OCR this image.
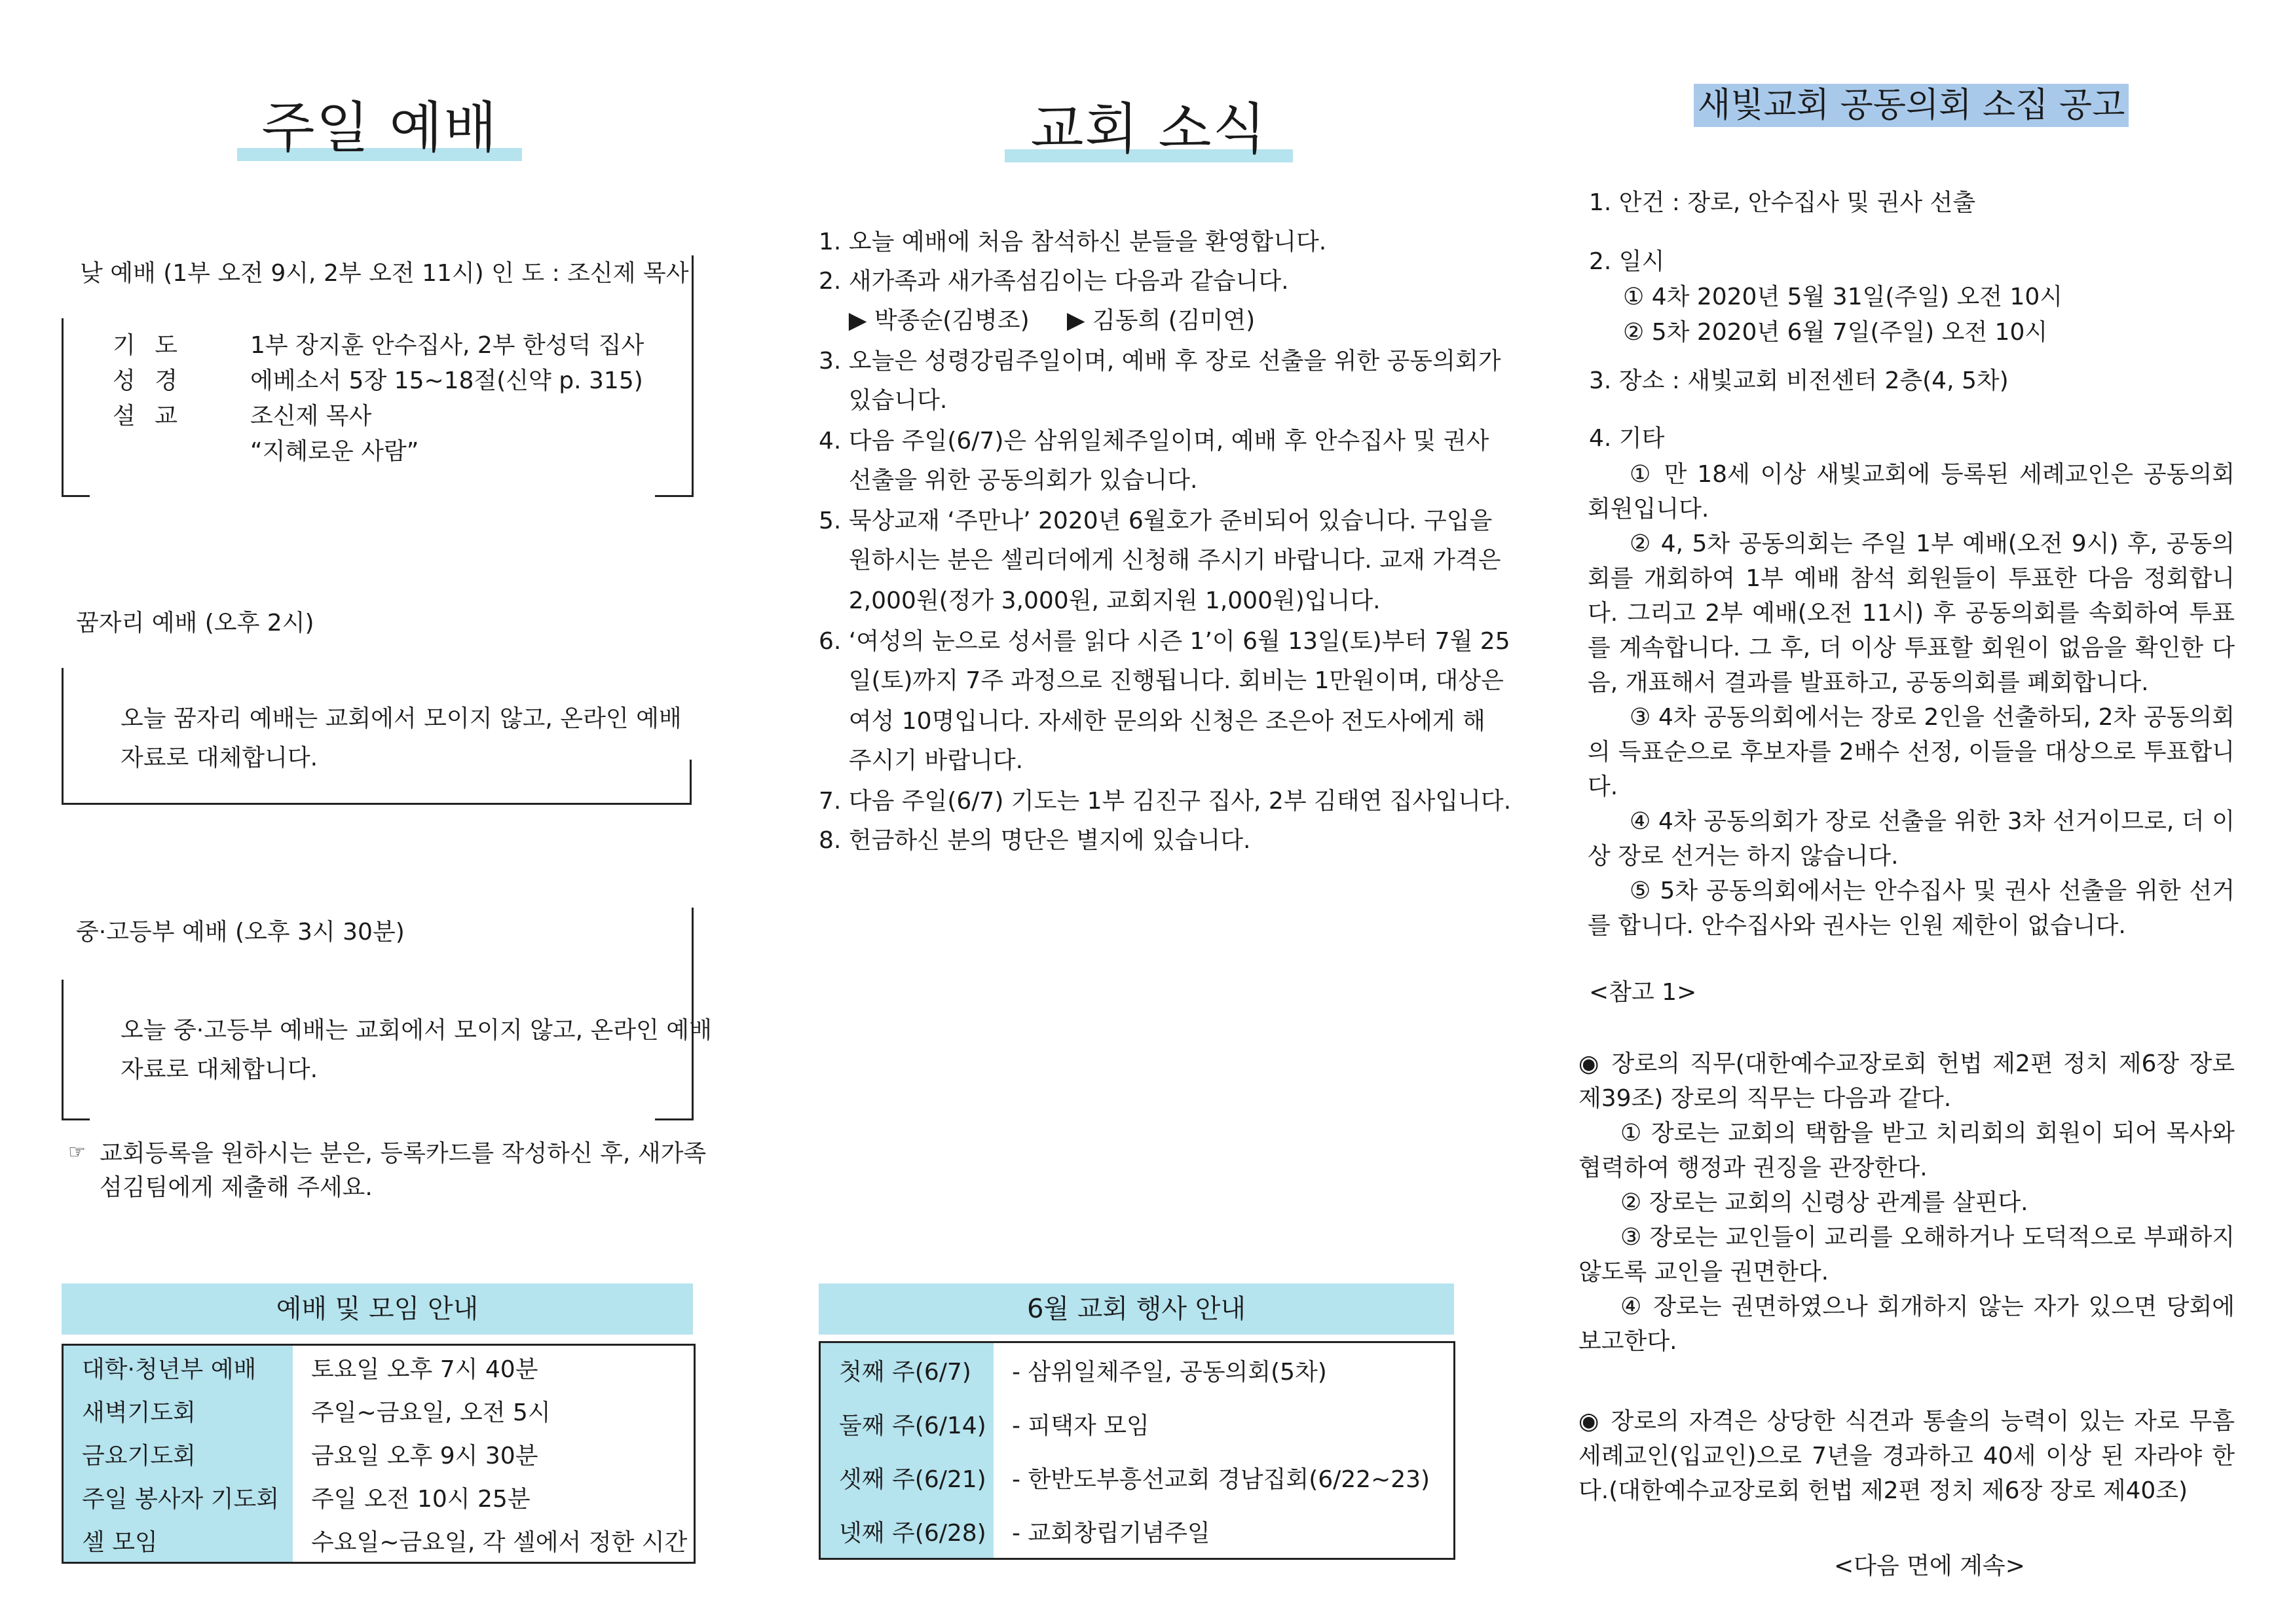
주일 예배
낮 예배 (1부 오전 9시, 2부 오전 11시) 인 도 : 조신제 목사
기 도	1부 장지훈 안수집사, 2부 한성덕 집사
성 경	에베소서 5장 15~18절(신약 p. 315)
설 교	조신제 목사
“지혜로운 사람”
꿈자리 예배 (오후 2시)
오늘 꿈자리 예배는 교회에서 모이지 않고, 온라인 예배
자료로 대체합니다.
중·고등부 예배 (오후 3시 30분)
오늘 중·고등부 예배는 교회에서 모이지 않고, 온라인 예배
자료로 대체합니다.
☞ 교회등록을 원하시는 분은, 등록카드를 작성하신 후, 새가족
섬김팀에게 제출해 주세요.
예배 및 모임 안내
대학·청년부 예배	토요일 오후 7시 40분
새벽기도회	주일~금요일, 오전 5시
금요기도회	금요일 오후 9시 30분
주일 봉사자 기도회	주일 오전 10시 25분
셀 모임	수요일~금요일, 각 셀에서 정한 시간
교회 소식
1. 오늘 예배에 처음 참석하신 분들을 환영합니다.
2. 새가족과 새가족섬김이는 다음과 같습니다.
▶ 박종순(김병조)     ▶ 김동희 (김미연)
3. 오늘은 성령강림주일이며, 예배 후 장로 선출을 위한 공동의회가
있습니다.
4. 다음 주일(6/7)은 삼위일체주일이며, 예배 후 안수집사 및 권사
선출을 위한 공동의회가 있습니다.
5. 묵상교재 ‘주만나’ 2020년 6월호가 준비되어 있습니다. 구입을
원하시는 분은 셀리더에게 신청해 주시기 바랍니다. 교재 가격은
2,000원(정가 3,000원, 교회지원 1,000원)입니다.
6. ‘여성의 눈으로 성서를 읽다 시즌 1’이 6월 13일(토)부터 7월 25
일(토)까지 7주 과정으로 진행됩니다. 회비는 1만원이며, 대상은
여성 10명입니다. 자세한 문의와 신청은 조은아 전도사에게 해
주시기 바랍니다.
7. 다음 주일(6/7) 기도는 1부 김진구 집사, 2부 김태연 집사입니다.
8. 헌금하신 분의 명단은 별지에 있습니다.
6월 교회 행사 안내
첫째 주(6/7)	- 삼위일체주일, 공동의회(5차)
둘째 주(6/14)	- 피택자 모임
셋째 주(6/21)	- 한반도부흥선교회 경남집회(6/22~23)
넷째 주(6/28)	- 교회창립기념주일
새빛교회 공동의회 소집 공고
1. 안건 : 장로, 안수집사 및 권사 선출
2. 일시
① 4차 2020년 5월 31일(주일) 오전 10시
② 5차 2020년 6월 7일(주일) 오전 10시
3. 장소 : 새빛교회 비전센터 2층(4, 5차)
4. 기타

① 만 18세 이상 새빛교회에 등록된 세례교인은 공동의회 회원입니다.

② 4, 5차 공동의회는 주일 1부 예배(오전 9시) 후, 공동의회를 개회하여 1부 예배 참석 회원들이 투표한 다음 정회합니다. 그리고 2부 예배(오전 11시) 후 공동의회를 속회하여 투표를 계속합니다. 그 후, 더 이상 투표할 회원이 없음을 확인한 다음, 개표해서 결과를 발표하고, 공동의회를 폐회합니다.

③ 4차 공동의회에서는 장로 2인을 선출하되, 2차 공동의회의 득표순으로 후보자를 2배수 선정, 이들을 대상으로 투표합니다.

④ 4차 공동의회가 장로 선출을 위한 3차 선거이므로, 더 이상 장로 선거는 하지 않습니다.

⑤ 5차 공동의회에서는 안수집사 및 권사 선출을 위한 선거를 합니다. 안수집사와 권사는 인원 제한이 없습니다.

<참고 1>

◉ 장로의 직무(대한예수교장로회 헌법 제2편 정치 제6장 장로 제39조) 장로의 직무는 다음과 같다.

① 장로는 교회의 택함을 받고 치리회의 회원이 되어 목사와 협력하여 행정과 권징을 관장한다.

② 장로는 교회의 신령상 관계를 살핀다.

③ 장로는 교인들이 교리를 오해하거나 도덕적으로 부패하지 않도록 교인을 권면한다.

④ 장로는 권면하였으나 회개하지 않는 자가 있으면 당회에 보고한다.

◉ 장로의 자격은 상당한 식견과 통솔의 능력이 있는 자로 무흠 세례교인(입교인)으로 7년을 경과하고 40세 이상 된 자라야 한다.(대한예수교장로회 헌법 제2편 정치 제6장 장로 제40조)

<다음 면에 계속>
